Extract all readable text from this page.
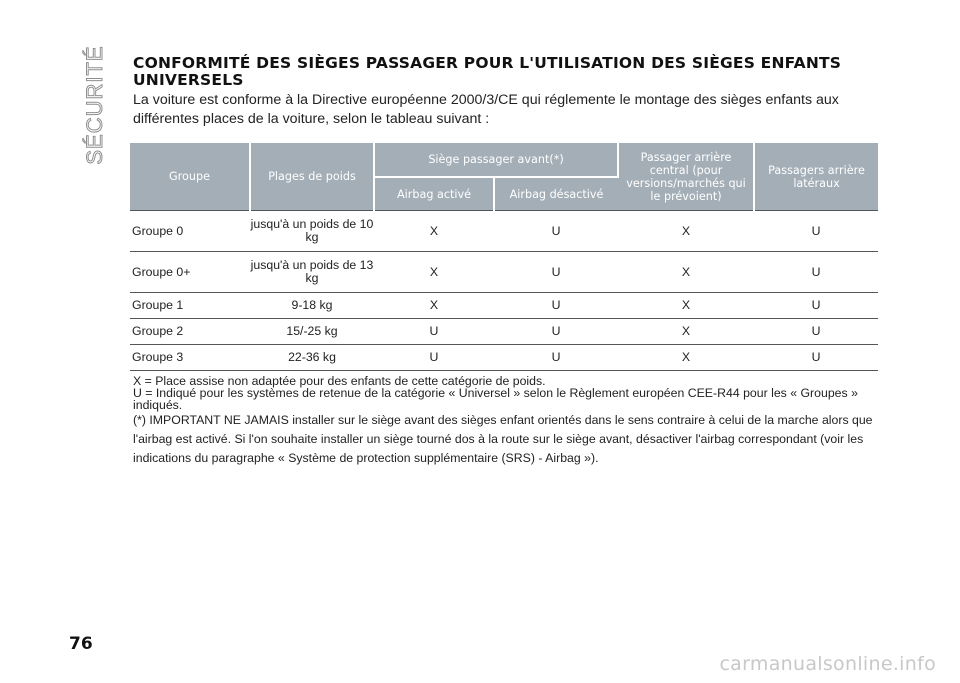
SÉCURITÉ CONFORMITÉ DES SIÈGES PASSAGER POUR L'UTILISATION DES SIÈGES ENFANTS UNIVERSELS

La voiture est conforme à la Directive européenne 2000/3/CE qui réglemente le montage des sièges enfants aux différentes places de la voiture, selon le tableau suivant :

Groupe	Plages de poids	Siège passager avant(*)		Passager arrière central (pour versions/marchés qui le prévoient)	Passagers arrière latéraux
		Airbag activé	Airbag désactivé		
Groupe 0	jusqu'à un poids de 10 kg	X	U	X	U
Groupe 0+	jusqu'à un poids de 13 kg	X	U	X	U
Groupe 1	9-18 kg	X	U	X	U
Groupe 2	15/-25 kg	U	U	X	U
Groupe 3	22-36 kg	U	U	X	U

X = Place assise non adaptée pour des enfants de cette catégorie de poids.

U = Indiqué pour les systèmes de retenue de la catégorie « Universel » selon le Règlement européen CEE-R44 pour les « Groupes » indiqués.

(*) IMPORTANT NE JAMAIS installer sur le siège avant des sièges enfant orientés dans le sens contraire à celui de la marche alors que l'airbag est activé. Si l'on souhaite installer un siège tourné dos à la route sur le siège avant, désactiver l'airbag correspondant (voir les indications du paragraphe « Système de protection supplémentaire (SRS) - Airbag »).

76
carmanualsonline.info
